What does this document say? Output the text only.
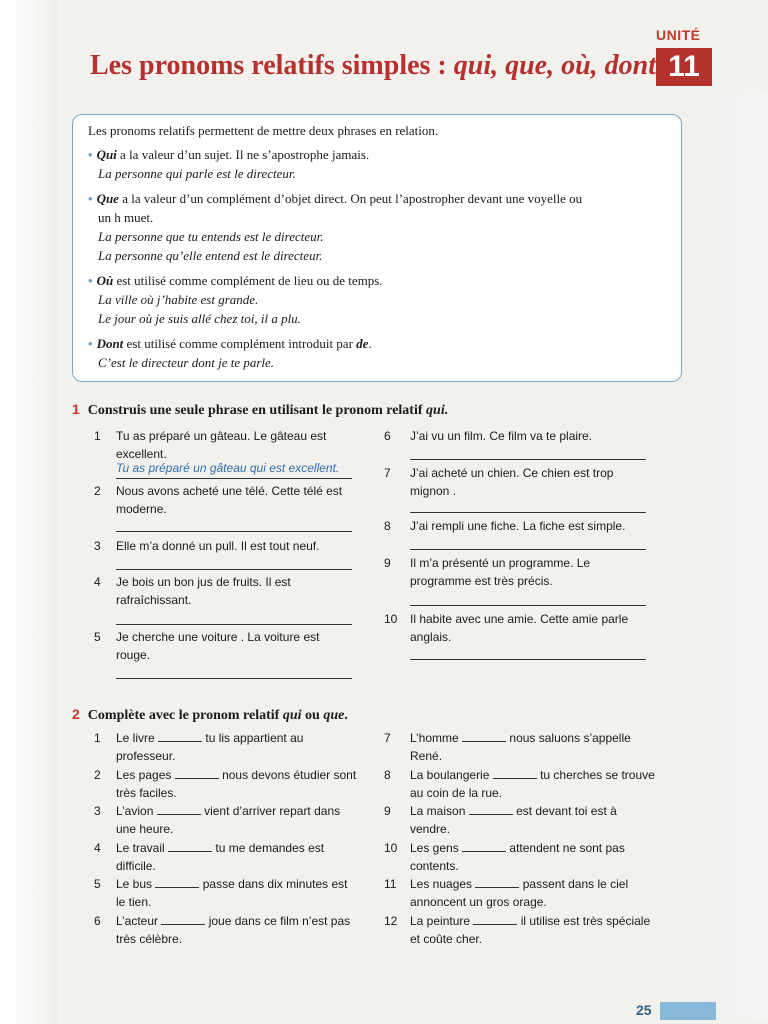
UNITÉ
11
Les pronoms relatifs simples : qui, que, où, dont

Les pronoms relatifs permettent de mettre deux phrases en relation.

• Qui a la valeur d’un sujet. Il ne s’apostrophe jamais.
La personne qui parle est le directeur.
• Que a la valeur d’un complément d’objet direct. On peut l’apostropher devant une voyelle ou
un h muet.
La personne que tu entends est le directeur.
La personne qu’elle entend est le directeur.
• Où est utilisé comme complément de lieu ou de temps.
La ville où j’habite est grande.
Le jour où je suis allé chez toi, il a plu.
• Dont est utilisé comme complément introduit par de.
C’est le directeur dont je te parle.
1 Construis une seule phrase en utilisant le pronom relatif qui.
1	Tu as préparé un gâteau. Le gâteau est
excellent.
Tu as préparé un gâteau qui est excellent.
2	Nous avons acheté une télé. Cette télé est
moderne.
3	Elle m’a donné un pull. Il est tout neuf.
4	Je bois un bon jus de fruits. Il est
rafraîchissant.
5	Je cherche une voiture . La voiture est
rouge.
6	J’ai vu un film. Ce film va te plaire.
7	J’ai acheté un chien. Ce chien est trop
mignon .
8	J’ai rempli une fiche. La fiche est simple.
9	Il m’a présenté un programme. Le
programme est très précis.
10	Il habite avec une amie. Cette amie parle
anglais.
2 Complète avec le pronom relatif qui ou que.
1	Le livre	tu lis appartient au
professeur.
2	Les pages	nous devons étudier sont
très faciles.
3	L’avion	vient d’arriver repart dans
une heure.
4	Le travail	tu me demandes est
difficile.
5	Le bus	passe dans dix minutes est
le tien.
6	L’acteur	joue dans ce film n’est pas
très célèbre.
7	L’homme	nous saluons s’appelle
René.
8	La boulangerie	tu cherches se trouve
au coin de la rue.
9	La maison	est devant toi est à
vendre.
10	Les gens	attendent ne sont pas
contents.
11	Les nuages	passent dans le ciel
annoncent un gros orage.
12	La peinture	il utilise est très spéciale
et coûte cher.
25
